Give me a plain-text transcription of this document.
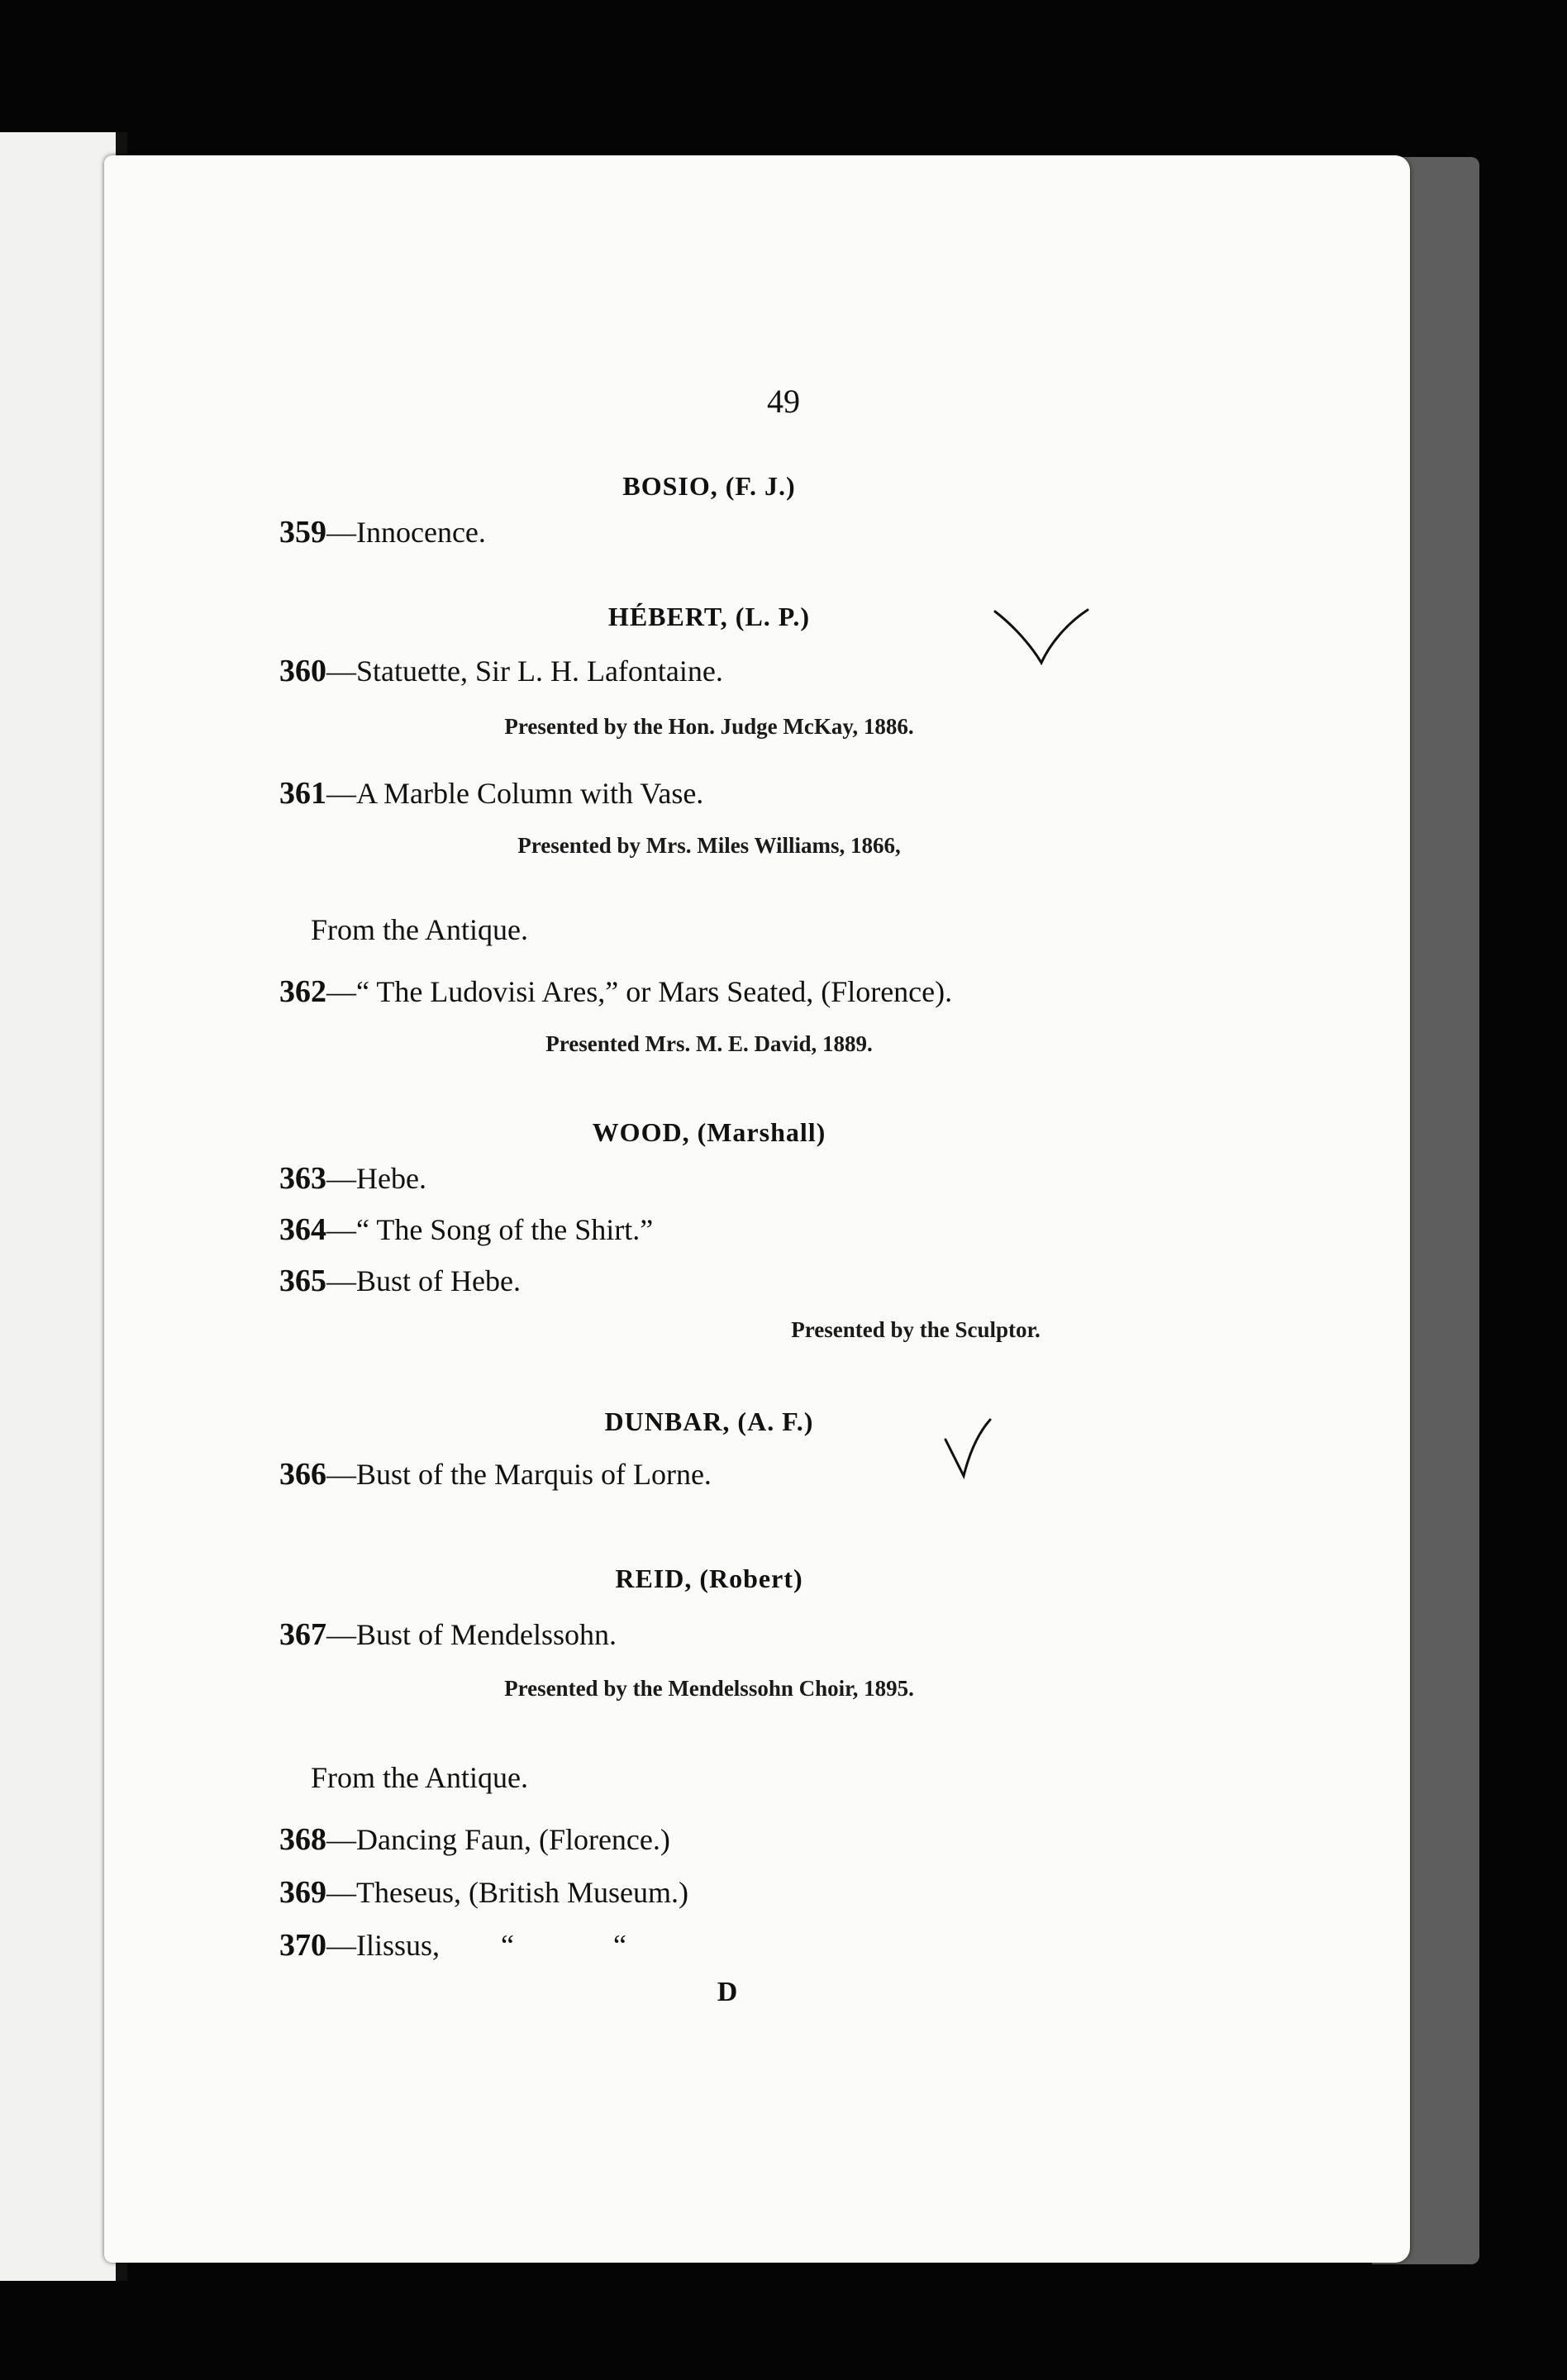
49
BOSIO, (F. J.)
359—Innocence.
HÉBERT, (L. P.)
360—Statuette, Sir L. H. Lafontaine.
Presented by the Hon. Judge McKay, 1886.
361—A Marble Column with Vase.
Presented by Mrs. Miles Williams, 1866,
From the Antique.
362—“ The Ludovisi Ares,” or Mars Seated, (Florence).
Presented Mrs. M. E. David, 1889.
WOOD, (Marshall)
363—Hebe.
364—“ The Song of the Shirt.”
365—Bust of Hebe.
Presented by the Sculptor.
DUNBAR, (A. F.)
366—Bust of the Marquis of Lorne.
REID, (Robert)
367—Bust of Mendelssohn.
Presented by the Mendelssohn Choir, 1895.
From the Antique.
368—Dancing Faun, (Florence.)
369—Theseus, (British Museum.)
370—Ilissus, “	“
D
